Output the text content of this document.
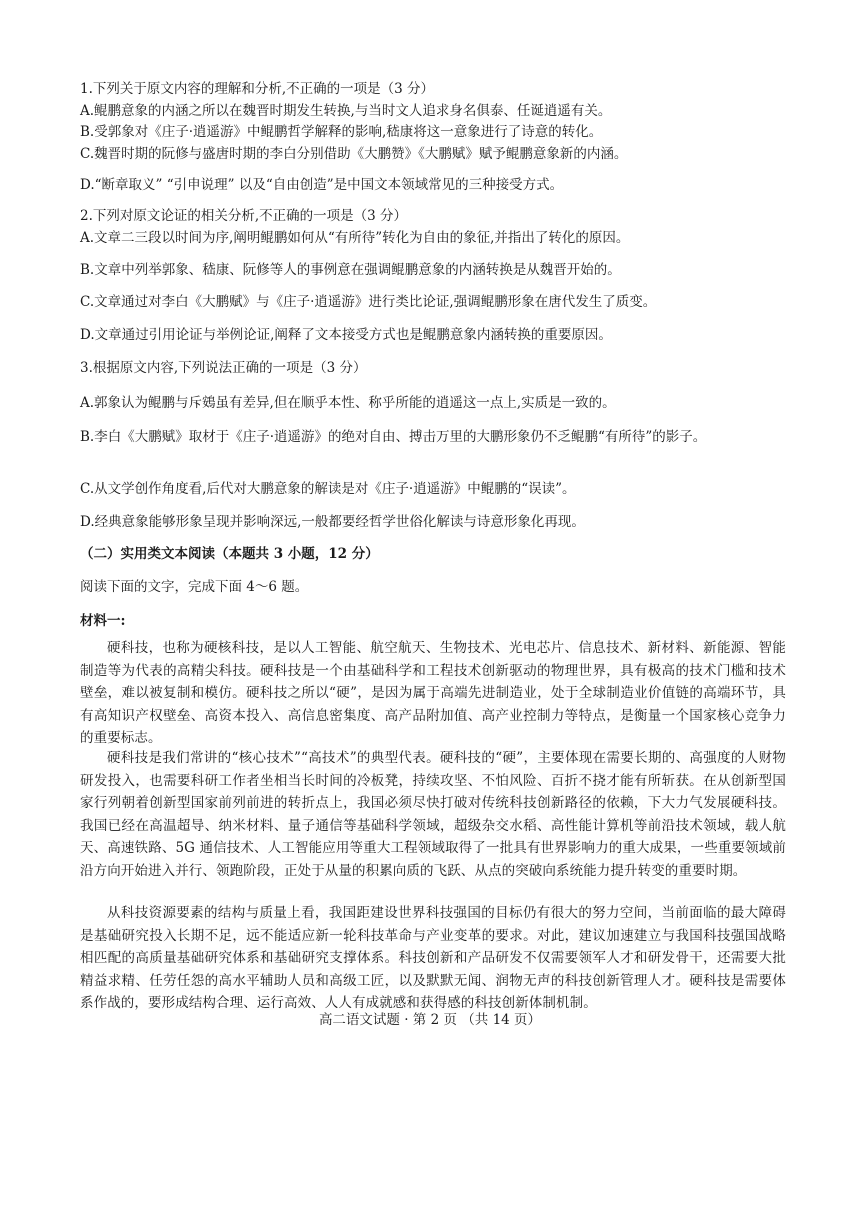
1.下列关于原文内容的理解和分析,不正确的一项是（3 分）
A.鲲鹏意象的内涵之所以在魏晋时期发生转换,与当时文人追求身名俱泰、任诞逍遥有关。
B.受郭象对《庄子·逍遥游》中鲲鹏哲学解释的影响,嵇康将这一意象进行了诗意的转化。
C.魏晋时期的阮修与盛唐时期的李白分别借助《大鹏赞》《大鹏赋》赋予鲲鹏意象新的内涵。
D.“断章取义” “引申说理” 以及“自由创造”是中国文本领域常见的三种接受方式。
2.下列对原文论证的相关分析,不正确的一项是（3 分）
A.文章二三段以时间为序,阐明鲲鹏如何从“有所待”转化为自由的象征,并指出了转化的原因。
B.文章中列举郭象、嵇康、阮修等人的事例意在强调鲲鹏意象的内涵转换是从魏晋开始的。
C.文章通过对李白《大鹏赋》与《庄子·逍遥游》进行类比论证,强调鲲鹏形象在唐代发生了质变。
D.文章通过引用论证与举例论证,阐释了文本接受方式也是鲲鹏意象内涵转换的重要原因。
3.根据原文内容,下列说法正确的一项是（3 分）
A.郭象认为鲲鹏与斥鴳虽有差异,但在顺乎本性、称乎所能的逍遥这一点上,实质是一致的。
B.李白《大鹏赋》取材于《庄子·逍遥游》的绝对自由、搏击万里的大鹏形象仍不乏鲲鹏“有所待”的影子。
C.从文学创作角度看,后代对大鹏意象的解读是对《庄子·逍遥游》中鲲鹏的“误读”。
D.经典意象能够形象呈现并影响深远,一般都要经哲学世俗化解读与诗意形象化再现。
（二）实用类文本阅读（本题共 3 小题，12 分）
阅读下面的文字，完成下面 4～6 题。
材料一:
硬科技，也称为硬核科技，是以人工智能、航空航天、生物技术、光电芯片、信息技术、新材料、新能源、智能制造等为代表的高精尖科技。硬科技是一个由基础科学和工程技术创新驱动的物理世界，具有极高的技术门槛和技术壁垒，难以被复制和模仿。硬科技之所以“硬”，是因为属于高端先进制造业，处于全球制造业价值链的高端环节，具有高知识产权壁垒、高资本投入、高信息密集度、高产品附加值、高产业控制力等特点，是衡量一个国家核心竞争力的重要标志。
硬科技是我们常讲的“核心技术”“高技术”的典型代表。硬科技的“硬”，主要体现在需要长期的、高强度的人财物研发投入，也需要科研工作者坐相当长时间的冷板凳，持续攻坚、不怕风险、百折不挠才能有所斩获。在从创新型国家行列朝着创新型国家前列前进的转折点上，我国必须尽快打破对传统科技创新路径的依赖，下大力气发展硬科技。我国已经在高温超导、纳米材料、量子通信等基础科学领域，超级杂交水稻、高性能计算机等前沿技术领域，载人航天、高速铁路、5G 通信技术、人工智能应用等重大工程领域取得了一批具有世界影响力的重大成果，一些重要领域前沿方向开始进入并行、领跑阶段，正处于从量的积累向质的飞跃、从点的突破向系统能力提升转变的重要时期。
从科技资源要素的结构与质量上看，我国距建设世界科技强国的目标仍有很大的努力空间，当前面临的最大障碍是基础研究投入长期不足，远不能适应新一轮科技革命与产业变革的要求。对此，建议加速建立与我国科技强国战略相匹配的高质量基础研究体系和基础研究支撑体系。科技创新和产品研发不仅需要领军人才和研发骨干，还需要大批精益求精、任劳任怨的高水平辅助人员和高级工匠，以及默默无闻、润物无声的科技创新管理人才。硬科技是需要体系作战的，要形成结构合理、运行高效、人人有成就感和获得感的科技创新体制机制。
高二语文试题 · 第 2 页 （共 14 页）
